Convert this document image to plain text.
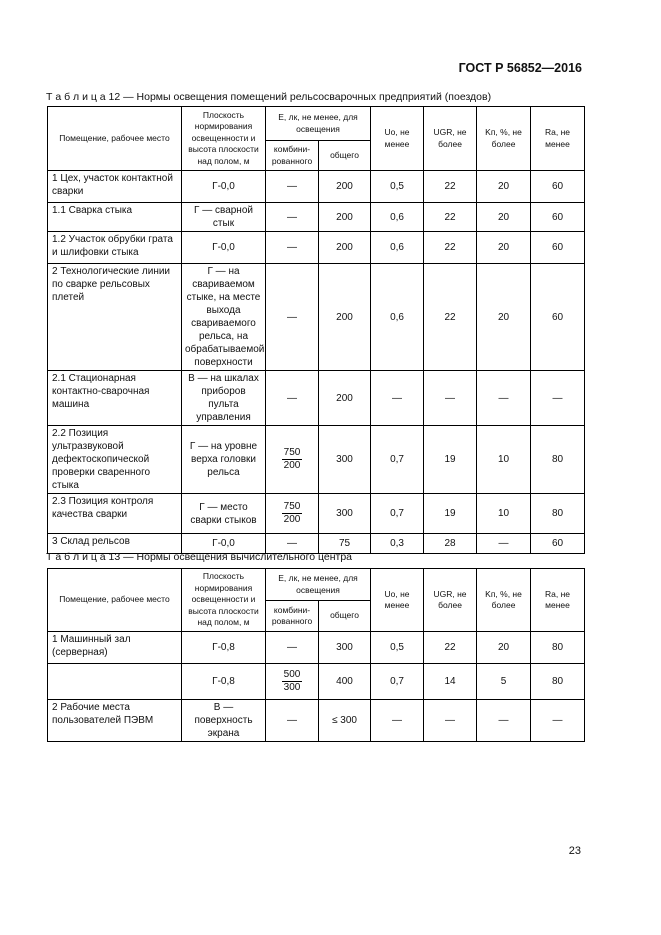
ГОСТ Р 56852—2016
Т а б л и ц а 12 — Нормы освещения помещений рельсосварочных предприятий (поездов)
Помещение, рабочее место	Плоскость нормирования освещенности и высота плоскости над полом, м	Е, лк, не менее, для освещения		Uo, не менее	UGR, не более	Kп, %, не более	Ra, не менее
		комбини- рованного	общего				
1 Цех, участок контактной сварки	Г-0,0	—	200	0,5	22	20	60
1.1 Сварка стыка	Г — сварной стык	—	200	0,6	22	20	60
1.2 Участок обрубки грата и шлифовки стыка	Г-0,0	—	200	0,6	22	20	60
2 Технологические линии по сварке рельсовых плетей	Г — на свариваемом стыке, на месте выхода свариваемого рельса, на обрабатываемой поверхности	—	200	0,6	22	20	60
2.1 Стационарная контактно-сварочная машина	В — на шкалах приборов пульта управления	—	200	—	—	—	—
2.2 Позиция ультразвуковой дефектоскопической проверки сваренного стыка	Г — на уровне верха головки рельса	$\frac{750}{200}$	300	0,7	19	10	80
2.3 Позиция контроля качества сварки	Г — место сварки стыков	$\frac{750}{200}$	300	0,7	19	10	80
3 Склад рельсов	Г-0,0	—	75	0,3	28	—	60
Т а б л и ц а 13 — Нормы освещения вычислительного центра
Помещение, рабочее место	Плоскость нормирования освещенности и высота плоскости над полом, м	Е, лк, не менее, для освещения		Uo, не менее	UGR, не более	Kп, %, не более	Ra, не менее
		комбини- рованного	общего				
1 Машинный зал (серверная)	Г-0,8	—	300	0,5	22	20	80
	Г-0,8	$\frac{500}{300}$	400	0,7	14	5	80
2 Рабочие места пользователей ПЭВМ	В — поверхность экрана	—	≤ 300	—	—	—	—
23
